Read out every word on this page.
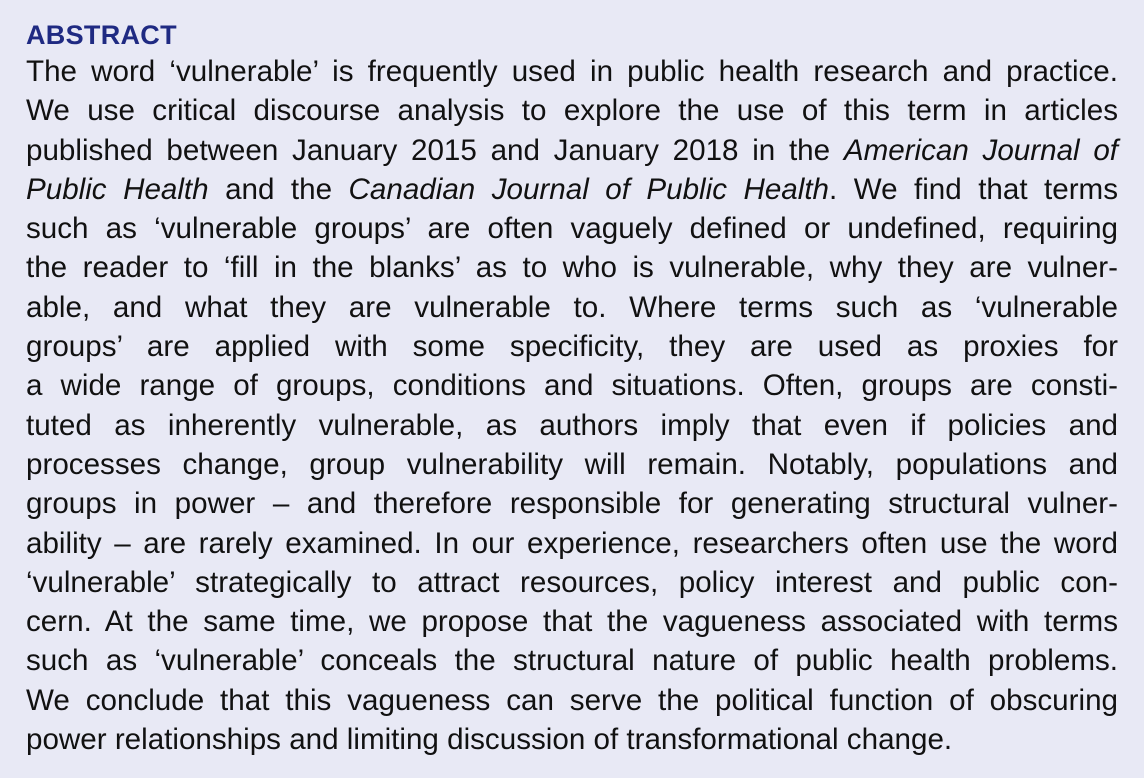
ABSTRACT
The word ‘vulnerable’ is frequently used in public health research and practice.
We use critical discourse analysis to explore the use of this term in articles
published between January 2015 and January 2018 in the American Journal of
Public Health and the Canadian Journal of Public Health. We find that terms
such as ‘vulnerable groups’ are often vaguely defined or undefined, requiring
the reader to ‘fill in the blanks’ as to who is vulnerable, why they are vulner-
able, and what they are vulnerable to. Where terms such as ‘vulnerable
groups’ are applied with some specificity, they are used as proxies for
a wide range of groups, conditions and situations. Often, groups are consti-
tuted as inherently vulnerable, as authors imply that even if policies and
processes change, group vulnerability will remain. Notably, populations and
groups in power – and therefore responsible for generating structural vulner-
ability – are rarely examined. In our experience, researchers often use the word
‘vulnerable’ strategically to attract resources, policy interest and public con-
cern. At the same time, we propose that the vagueness associated with terms
such as ‘vulnerable’ conceals the structural nature of public health problems.
We conclude that this vagueness can serve the political function of obscuring
power relationships and limiting discussion of transformational change.
